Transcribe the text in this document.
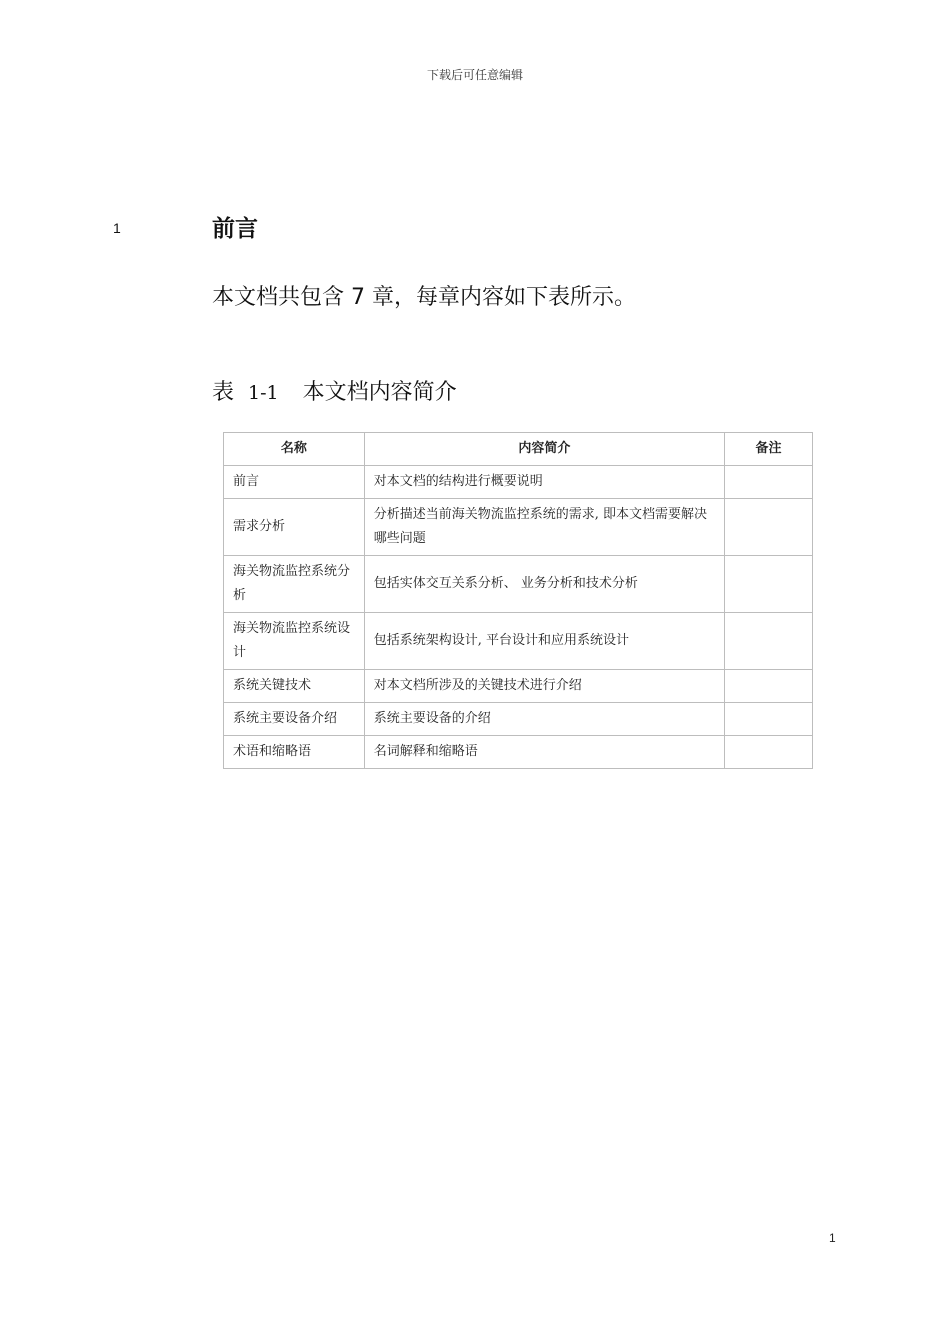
下载后可任意编辑
1	前言
本文档共包含 7 章，每章内容如下表所示。
表 1-1 本文档内容简介
名称	内容简介	备注
前言	对本文档的结构进行概要说明	
需求分析	分析描述当前海关物流监控系统的需求, 即本文档需要解决哪些问题	
海关物流监控系统分析	包括实体交互关系分析、 业务分析和技术分析	
海关物流监控系统设计	包括系统架构设计, 平台设计和应用系统设计	
系统关键技术	对本文档所涉及的关键技术进行介绍	
系统主要设备介绍	系统主要设备的介绍	
术语和缩略语	名词解释和缩略语	
1
